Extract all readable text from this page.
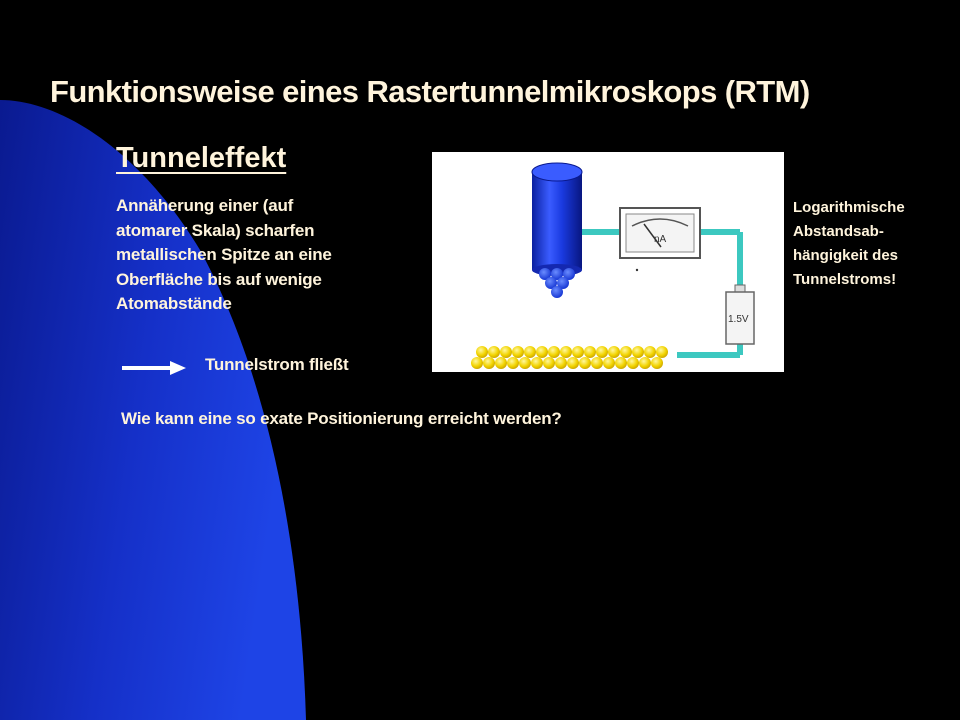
Funktionsweise eines Rastertunnelmikroskops (RTM)
Tunneleffekt
Annäherung einer (auf
atomarer Skala) scharfen
metallischen Spitze an eine
Oberfläche bis auf wenige
Atomabstände
Tunnelstrom fließt
Wie kann eine so exate Positionierung erreicht werden?
Logarithmische
Abstandsab-
hängigkeit des
Tunnelstroms!
nA
1.5V
